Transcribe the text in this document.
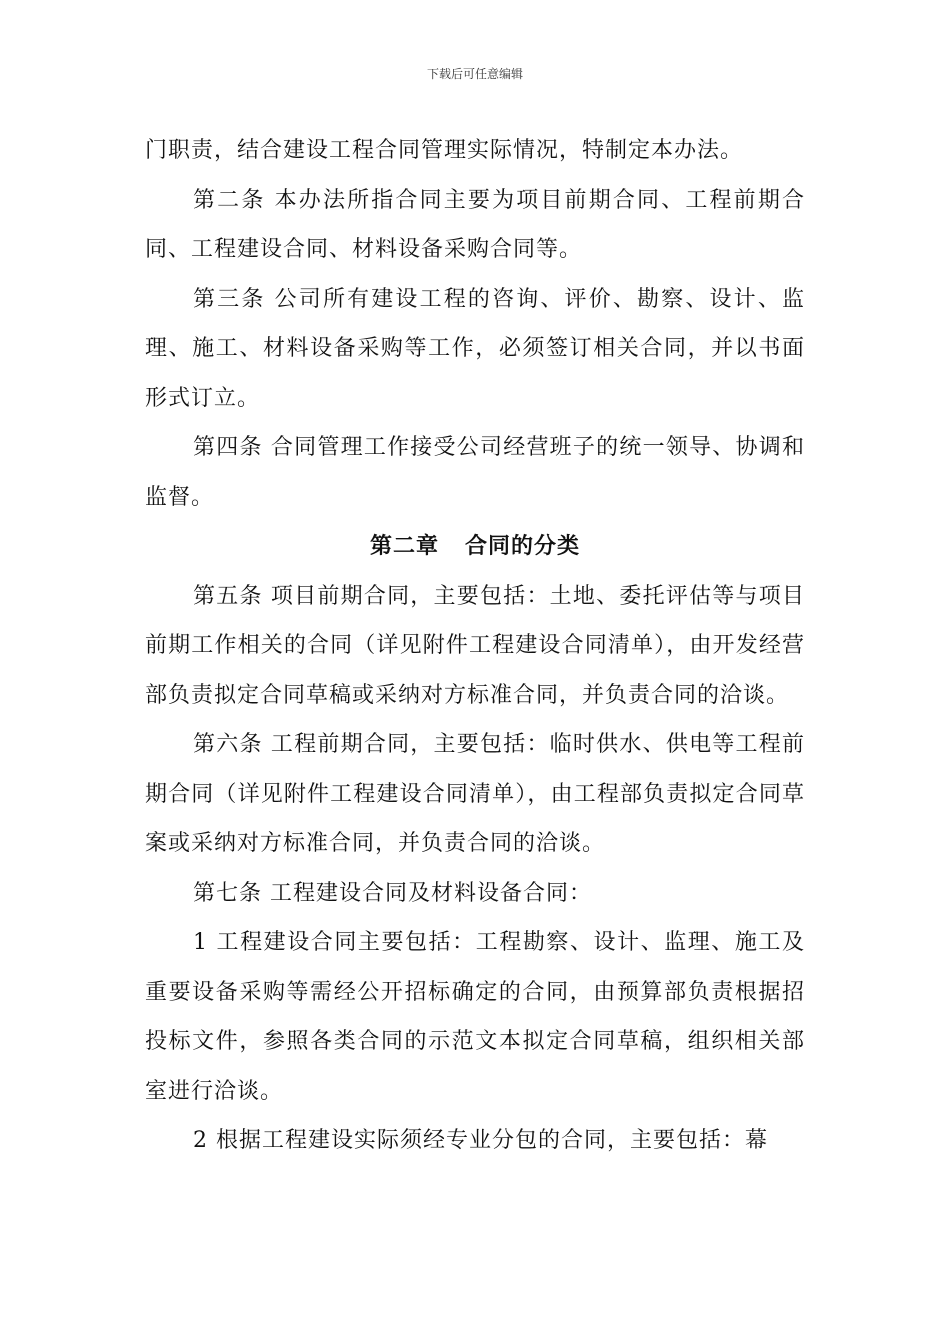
下载后可任意编辑

门职责，结合建设工程合同管理实际情况，特制定本办法。

第二条 本办法所指合同主要为项目前期合同、工程前期合同、工程建设合同、材料设备采购合同等。

第三条 公司所有建设工程的咨询、评价、勘察、设计、监理、施工、材料设备采购等工作，必须签订相关合同，并以书面形式订立。

第四条 合同管理工作接受公司经营班子的统一领导、协调和监督。

第二章   合同的分类

第五条 项目前期合同，主要包括：土地、委托评估等与项目前期工作相关的合同（详见附件工程建设合同清单），由开发经营部负责拟定合同草稿或采纳对方标准合同，并负责合同的洽谈。

第六条 工程前期合同，主要包括：临时供水、供电等工程前期合同（详见附件工程建设合同清单），由工程部负责拟定合同草案或采纳对方标准合同，并负责合同的洽谈。

第七条 工程建设合同及材料设备合同：

1 工程建设合同主要包括：工程勘察、设计、监理、施工及重要设备采购等需经公开招标确定的合同，由预算部负责根据招投标文件，参照各类合同的示范文本拟定合同草稿，组织相关部室进行洽谈。

2 根据工程建设实际须经专业分包的合同，主要包括：幕
